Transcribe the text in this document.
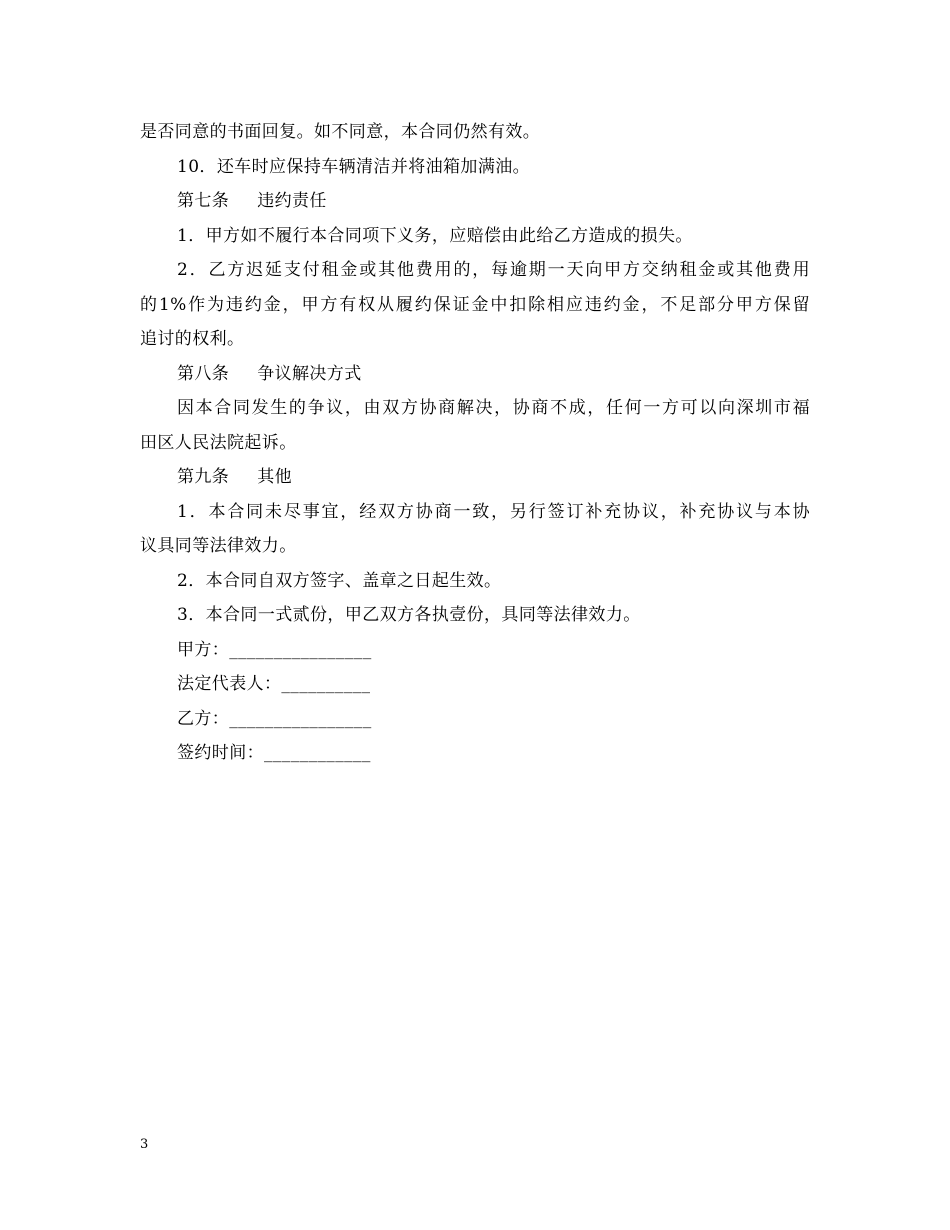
是否同意的书面回复。如不同意，本合同仍然有效。
10．还车时应保持车辆清洁并将油箱加满油。
第七条 违约责任
1．甲方如不履行本合同项下义务，应赔偿由此给乙方造成的损失。
2．乙方迟延支付租金或其他费用的，每逾期一天向甲方交纳租金或其他费用
的1%作为违约金，甲方有权从履约保证金中扣除相应违约金，不足部分甲方保留
追讨的权利。
第八条 争议解决方式
因本合同发生的争议，由双方协商解决，协商不成，任何一方可以向深圳市福
田区人民法院起诉。
第九条 其他
1．本合同未尽事宜，经双方协商一致，另行签订补充协议，补充协议与本协
议具同等法律效力。
2．本合同自双方签字、盖章之日起生效。
3．本合同一式贰份，甲乙双方各执壹份，具同等法律效力。
甲方：________________
法定代表人：__________
乙方：________________
签约时间：____________
3
